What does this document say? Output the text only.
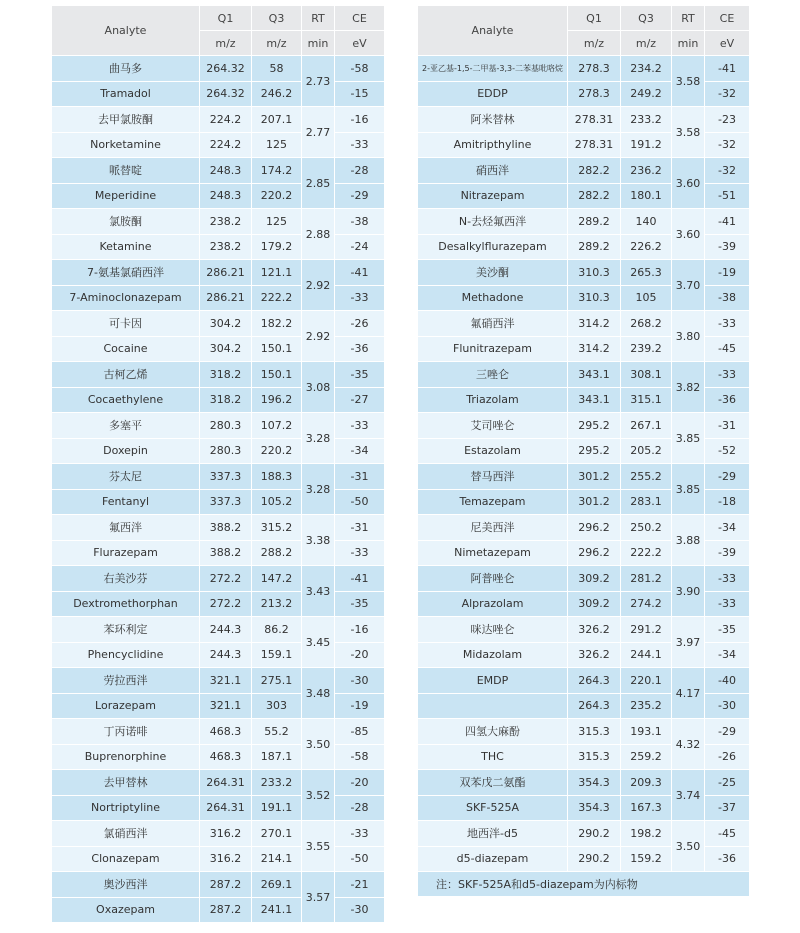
Analyte	Q1	Q3	RT	CE
	m/z	m/z	min	eV
曲马多	264.32	58	2.73	-58
Tramadol	264.32	246.2		-15
去甲氯胺酮	224.2	207.1	2.77	-16
Norketamine	224.2	125		-33
哌替啶	248.3	174.2	2.85	-28
Meperidine	248.3	220.2		-29
氯胺酮	238.2	125	2.88	-38
Ketamine	238.2	179.2		-24
7-氨基氯硝西泮	286.21	121.1	2.92	-41
7-Aminoclonazepam	286.21	222.2		-33
可卡因	304.2	182.2	2.92	-26
Cocaine	304.2	150.1		-36
古柯乙烯	318.2	150.1	3.08	-35
Cocaethylene	318.2	196.2		-27
多塞平	280.3	107.2	3.28	-33
Doxepin	280.3	220.2		-34
芬太尼	337.3	188.3	3.28	-31
Fentanyl	337.3	105.2		-50
氟西泮	388.2	315.2	3.38	-31
Flurazepam	388.2	288.2		-33
右美沙芬	272.2	147.2	3.43	-41
Dextromethorphan	272.2	213.2		-35
苯环利定	244.3	86.2	3.45	-16
Phencyclidine	244.3	159.1		-20
劳拉西泮	321.1	275.1	3.48	-30
Lorazepam	321.1	303		-19
丁丙诺啡	468.3	55.2	3.50	-85
Buprenorphine	468.3	187.1		-58
去甲替林	264.31	233.2	3.52	-20
Nortriptyline	264.31	191.1		-28
氯硝西泮	316.2	270.1	3.55	-33
Clonazepam	316.2	214.1		-50
奥沙西泮	287.2	269.1	3.57	-21
Oxazepam	287.2	241.1		-30
Analyte	Q1	Q3	RT	CE
	m/z	m/z	min	eV
2-亚乙基-1,5-二甲基-3,3-二苯基吡咯烷	278.3	234.2	3.58	-41
EDDP	278.3	249.2		-32
阿米替林	278.31	233.2	3.58	-23
Amitripthyline	278.31	191.2		-32
硝西泮	282.2	236.2	3.60	-32
Nitrazepam	282.2	180.1		-51
N-去烃氟西泮	289.2	140	3.60	-41
Desalkylflurazepam	289.2	226.2		-39
美沙酮	310.3	265.3	3.70	-19
Methadone	310.3	105		-38
氟硝西泮	314.2	268.2	3.80	-33
Flunitrazepam	314.2	239.2		-45
三唑仑	343.1	308.1	3.82	-33
Triazolam	343.1	315.1		-36
艾司唑仑	295.2	267.1	3.85	-31
Estazolam	295.2	205.2		-52
替马西泮	301.2	255.2	3.85	-29
Temazepam	301.2	283.1		-18
尼美西泮	296.2	250.2	3.88	-34
Nimetazepam	296.2	222.2		-39
阿普唑仑	309.2	281.2	3.90	-33
Alprazolam	309.2	274.2		-33
咪达唑仑	326.2	291.2	3.97	-35
Midazolam	326.2	244.1		-34
EMDP	264.3	220.1	4.17	-40
	264.3	235.2		-30
四氢大麻酚	315.3	193.1	4.32	-29
THC	315.3	259.2		-26
双苯戊二氨酯	354.3	209.3	3.74	-25
SKF-525A	354.3	167.3		-37
地西泮-d5	290.2	198.2	3.50	-45
d5-diazepam	290.2	159.2		-36
注：SKF-525A和d5-diazepam为内标物				
